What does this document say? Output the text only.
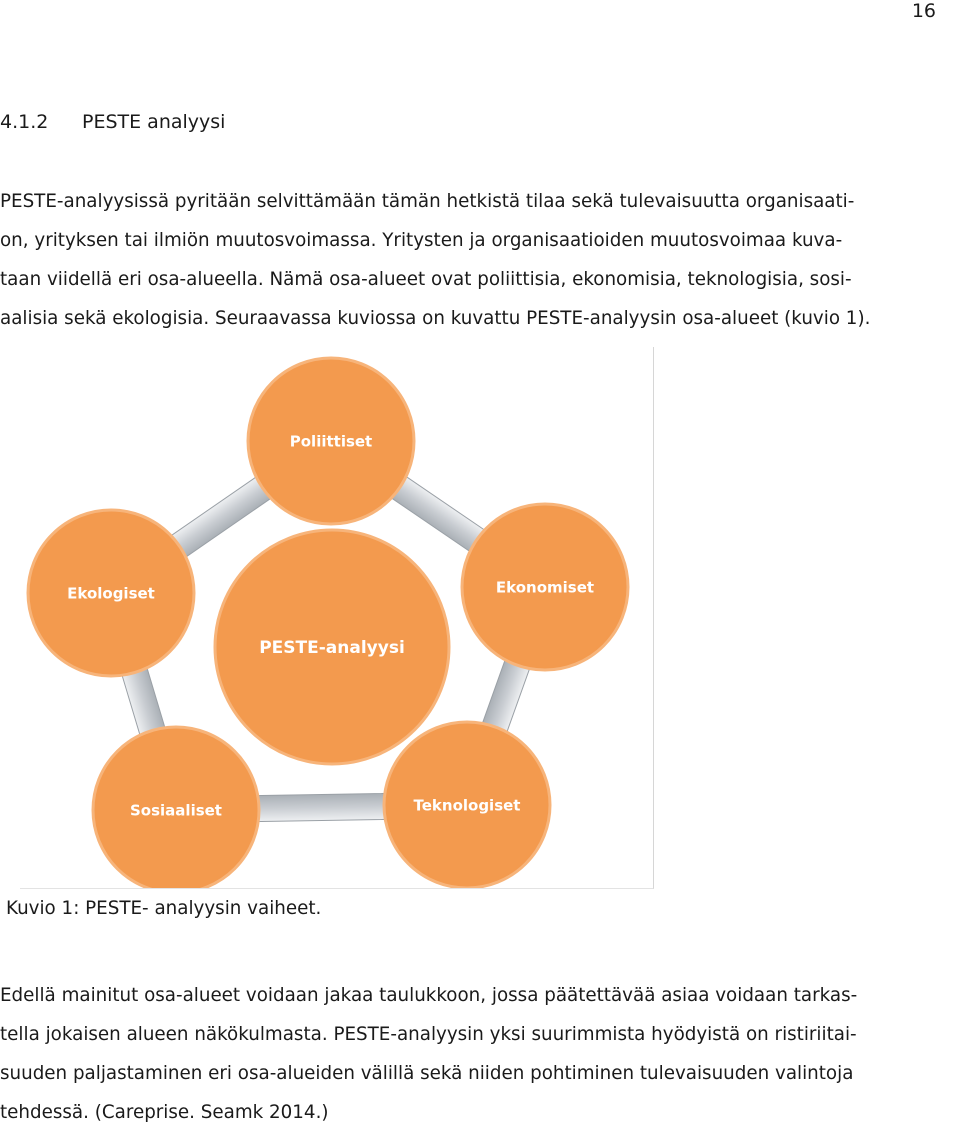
16
4.1.2 PESTE analyysi

PESTE-analyysissä pyritään selvittämään tämän hetkistä tilaa sekä tulevaisuutta organisaati-
on, yrityksen tai ilmiön muutosvoimassa. Yritysten ja organisaatioiden muutosvoimaa kuva-
taan viidellä eri osa-alueella. Nämä osa-alueet ovat poliittisia, ekonomisia, teknologisia, sosi-
aalisia sekä ekologisia. Seuraavassa kuviossa on kuvattu PESTE-analyysin osa-alueet (kuvio 1).

PESTE-analyysi
Poliittiset
Ekonomiset
Teknologiset
Sosiaaliset
Ekologiset
Kuvio 1: PESTE- analyysin vaiheet.

Edellä mainitut osa-alueet voidaan jakaa taulukkoon, jossa päätettävää asiaa voidaan tarkas-
tella jokaisen alueen näkökulmasta. PESTE-analyysin yksi suurimmista hyödyistä on ristiriitai-
suuden paljastaminen eri osa-alueiden välillä sekä niiden pohtiminen tulevaisuuden valintoja
tehdessä. (Careprise. Seamk 2014.)
